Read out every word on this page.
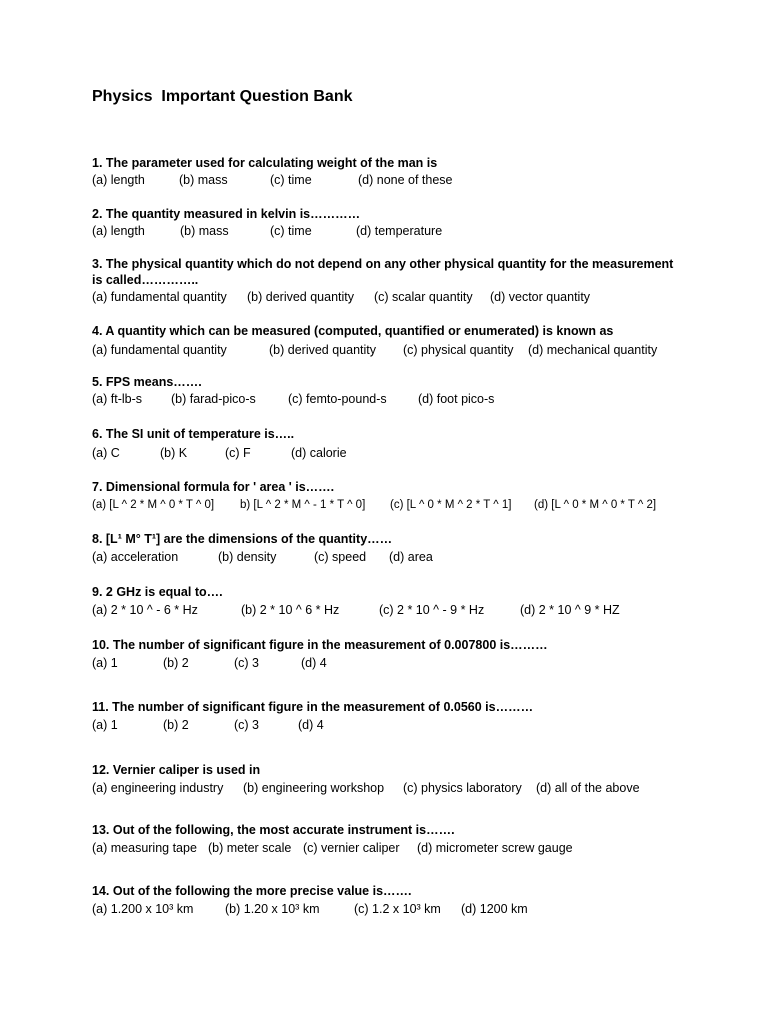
Physics  Important Question Bank
1. The parameter used for calculating weight of the man is
(a) length	(b) mass	(c) time	(d) none of these
2. The quantity measured in kelvin is…………
(a) length	(b) mass	(c) time	(d) temperature
3. The physical quantity which do not depend on any other physical quantity for the measurement is called…………..
(a) fundamental quantity (b) derived quantity (c) scalar quantity (d) vector quantity
4. A quantity which can be measured (computed, quantified or enumerated) is known as
(a) fundamental quantity	(b) derived quantity (c) physical quantity (d) mechanical quantity
5. FPS means…….
(a) ft-lb-s (b) farad-pico-s	(c) femto-pound-s	(d) foot pico-s
6. The SI unit of temperature is…..
(a) C	(b) K	(c) F	(d) calorie
7. Dimensional formula for ' area ' is…….
(a) [L ^ 2 * M ^ 0 * T ^ 0] b) [L ^ 2 * M ^ - 1 * T ^ 0] (c) [L ^ 0 * M ^ 2 * T ^ 1] (d) [L ^ 0 * M ^ 0 * T ^ 2]
8. [L¹ M° T¹] are the dimensions of the quantity……
(a) acceleration	(b) density	(c) speed (d) area
9. 2 GHz is equal to….
(a) 2 * 10 ^ - 6 * Hz	(b) 2 * 10 ^ 6 * Hz	(c) 2 * 10 ^ - 9 * Hz	(d) 2 * 10 ^ 9 * HZ
10. The number of significant figure in the measurement of 0.007800 is………
(a) 1	(b) 2	(c) 3	(d) 4
11. The number of significant figure in the measurement of 0.0560 is………
(a) 1	(b) 2	(c) 3	(d) 4
12. Vernier caliper is used in
(a) engineering industry (b) engineering workshop (c) physics laboratory (d) all of the above
13. Out of the following, the most accurate instrument is…….
(a) measuring tape (b) meter scale (c) vernier caliper (d) micrometer screw gauge
14. Out of the following the more precise value is…….
(a) 1.200 x 10³ km	(b) 1.20 x 10³ km	(c) 1.2 x 10³ km (d) 1200 km
